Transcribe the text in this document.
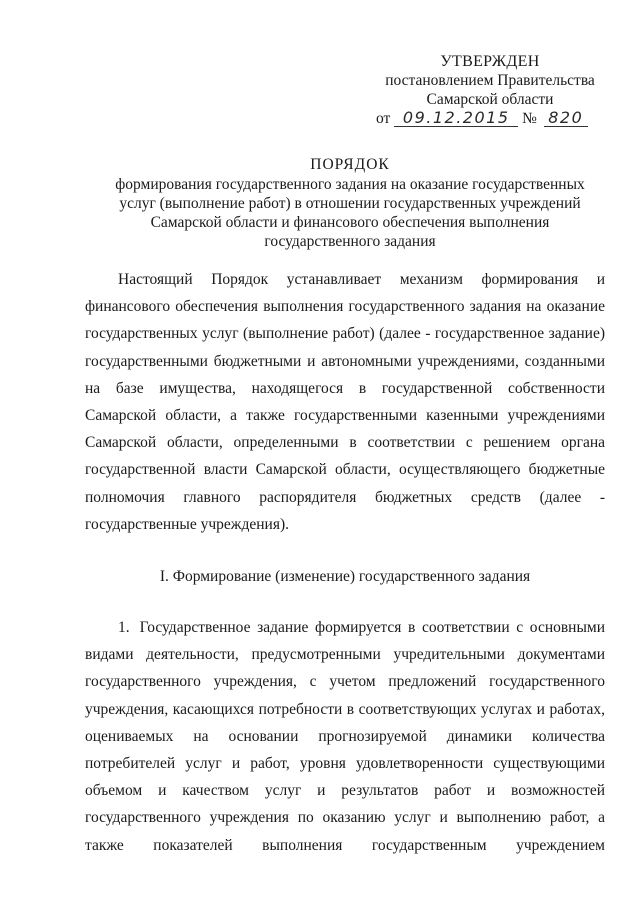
УТВЕРЖДЕН
постановлением Правительства
Самарской области
от 09.12.2015 № 820
ПОРЯДОК
формирования государственного задания на оказание государственных
услуг (выполнение работ) в отношении государственных учреждений
Самарской области и финансового обеспечения выполнения
государственного задания
Настоящий Порядок устанавливает механизм формирования и финансового обеспечения выполнения государственного задания на оказание государственных услуг (выполнение работ) (далее - государственное задание) государственными бюджетными и автономными учреждениями, созданными на базе имущества, находящегося в государственной собственности Самарской области, а также государственными казенными учреждениями Самарской области, определенными в соответствии с решением органа государственной власти Самарской области, осуществляющего бюджетные полномочия главного распорядителя бюджетных средств (далее - государственные учреждения).
I. Формирование (изменение) государственного задания
1. Государственное задание формируется в соответствии с основными видами деятельности, предусмотренными учредительными документами государственного учреждения, с учетом предложений государственного учреждения, касающихся потребности в соответствующих услугах и работах, оцениваемых на основании прогнозируемой динамики количества потребителей услуг и работ, уровня удовлетворенности существующими объемом и качеством услуг и результатов работ и возможностей государственного учреждения по оказанию услуг и выполнению работ, а также показателей выполнения государственным учреждением
